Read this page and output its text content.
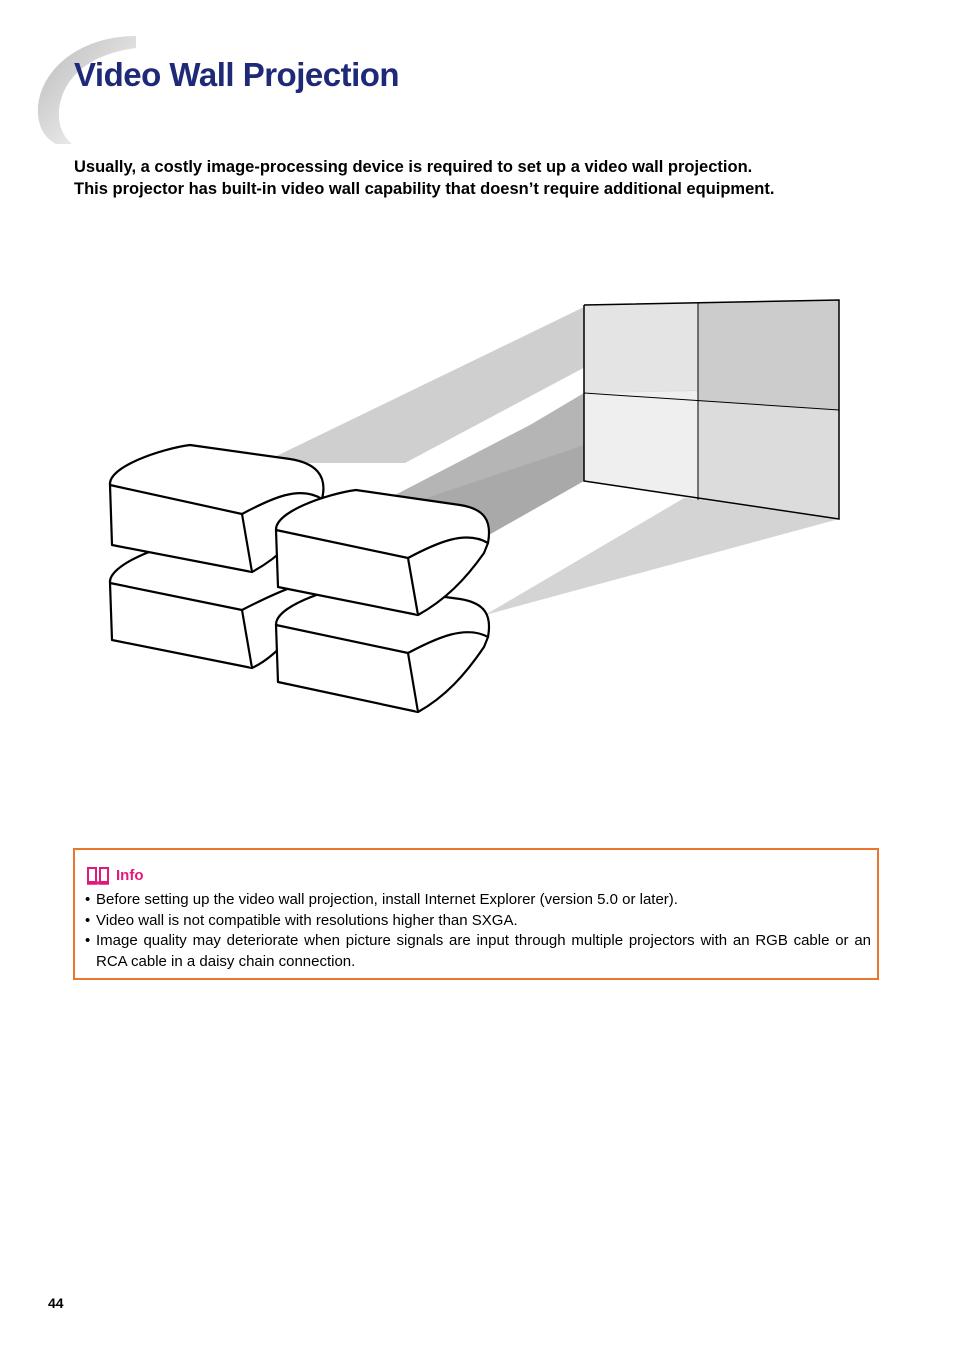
Video Wall Projection

Usually, a costly image-processing device is required to set up a video wall projection.

This projector has built-in video wall capability that doesn’t require additional equipment.

Info
• Before setting up the video wall projection, install Internet Explorer (version 5.0 or later).
• Video wall is not compatible with resolutions higher than SXGA.
• Image quality may deteriorate when picture signals are input through multiple projectors with an RGB cable or an RCA cable in a daisy chain connection.
44
